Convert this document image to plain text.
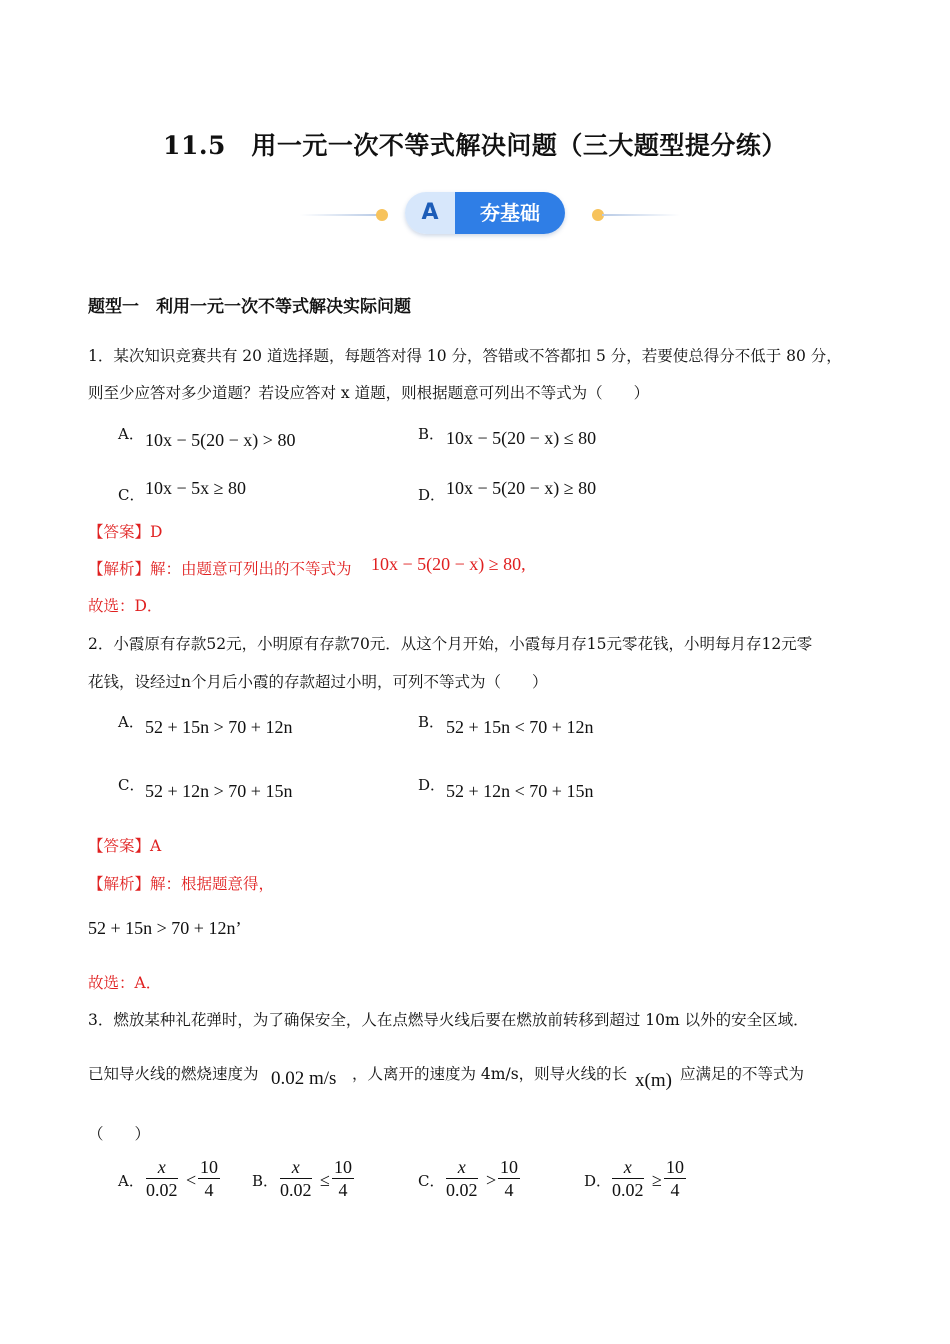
11.5　用一元一次不等式解决问题（三大题型提分练）
A	夯基础
题型一　利用一元一次不等式解决实际问题
1．某次知识竞赛共有 20 道选择题，每题答对得 10 分，答错或不答都扣 5 分，若要使总得分不低于 80 分，
则至少应答对多少道题？若设应答对 x 道题，则根据题意可列出不等式为（　　）
A． 10x − 5(20 − x) > 80	B． 10x − 5(20 − x) ≤ 80
C． 10x − 5x ≥ 80	D． 10x − 5(20 − x) ≥ 80
【答案】D
【解析】解：由题意可列出的不等式为 10x − 5(20 − x) ≥ 80,
故选：D．
2．小霞原有存款52元，小明原有存款70元．从这个月开始，小霞每月存15元零花钱，小明每月存12元零
花钱，设经过n个月后小霞的存款超过小明，可列不等式为（　　）
A． 52 + 15n > 70 + 12n	B． 52 + 15n < 70 + 12n
C． 52 + 12n > 70 + 15n	D． 52 + 12n < 70 + 15n
【答案】A
【解析】解：根据题意得，
52 + 15n > 70 + 12n’
故选：A．
3．燃放某种礼花弹时，为了确保安全，人在点燃导火线后要在燃放前转移到超过 10m 以外的安全区域．
已知导火线的燃烧速度为 0.02 m/s ，人离开的速度为 4m/s，则导火线的长 x(m) 应满足的不等式为
（　　）
A． $\frac{x}{0.02} < \frac{10}{4}$ B． $\frac{x}{0.02} \le \frac{10}{4}$	C． $\frac{x}{0.02} > \frac{10}{4}$	D． $\frac{x}{0.02} \ge \frac{10}{4}$
